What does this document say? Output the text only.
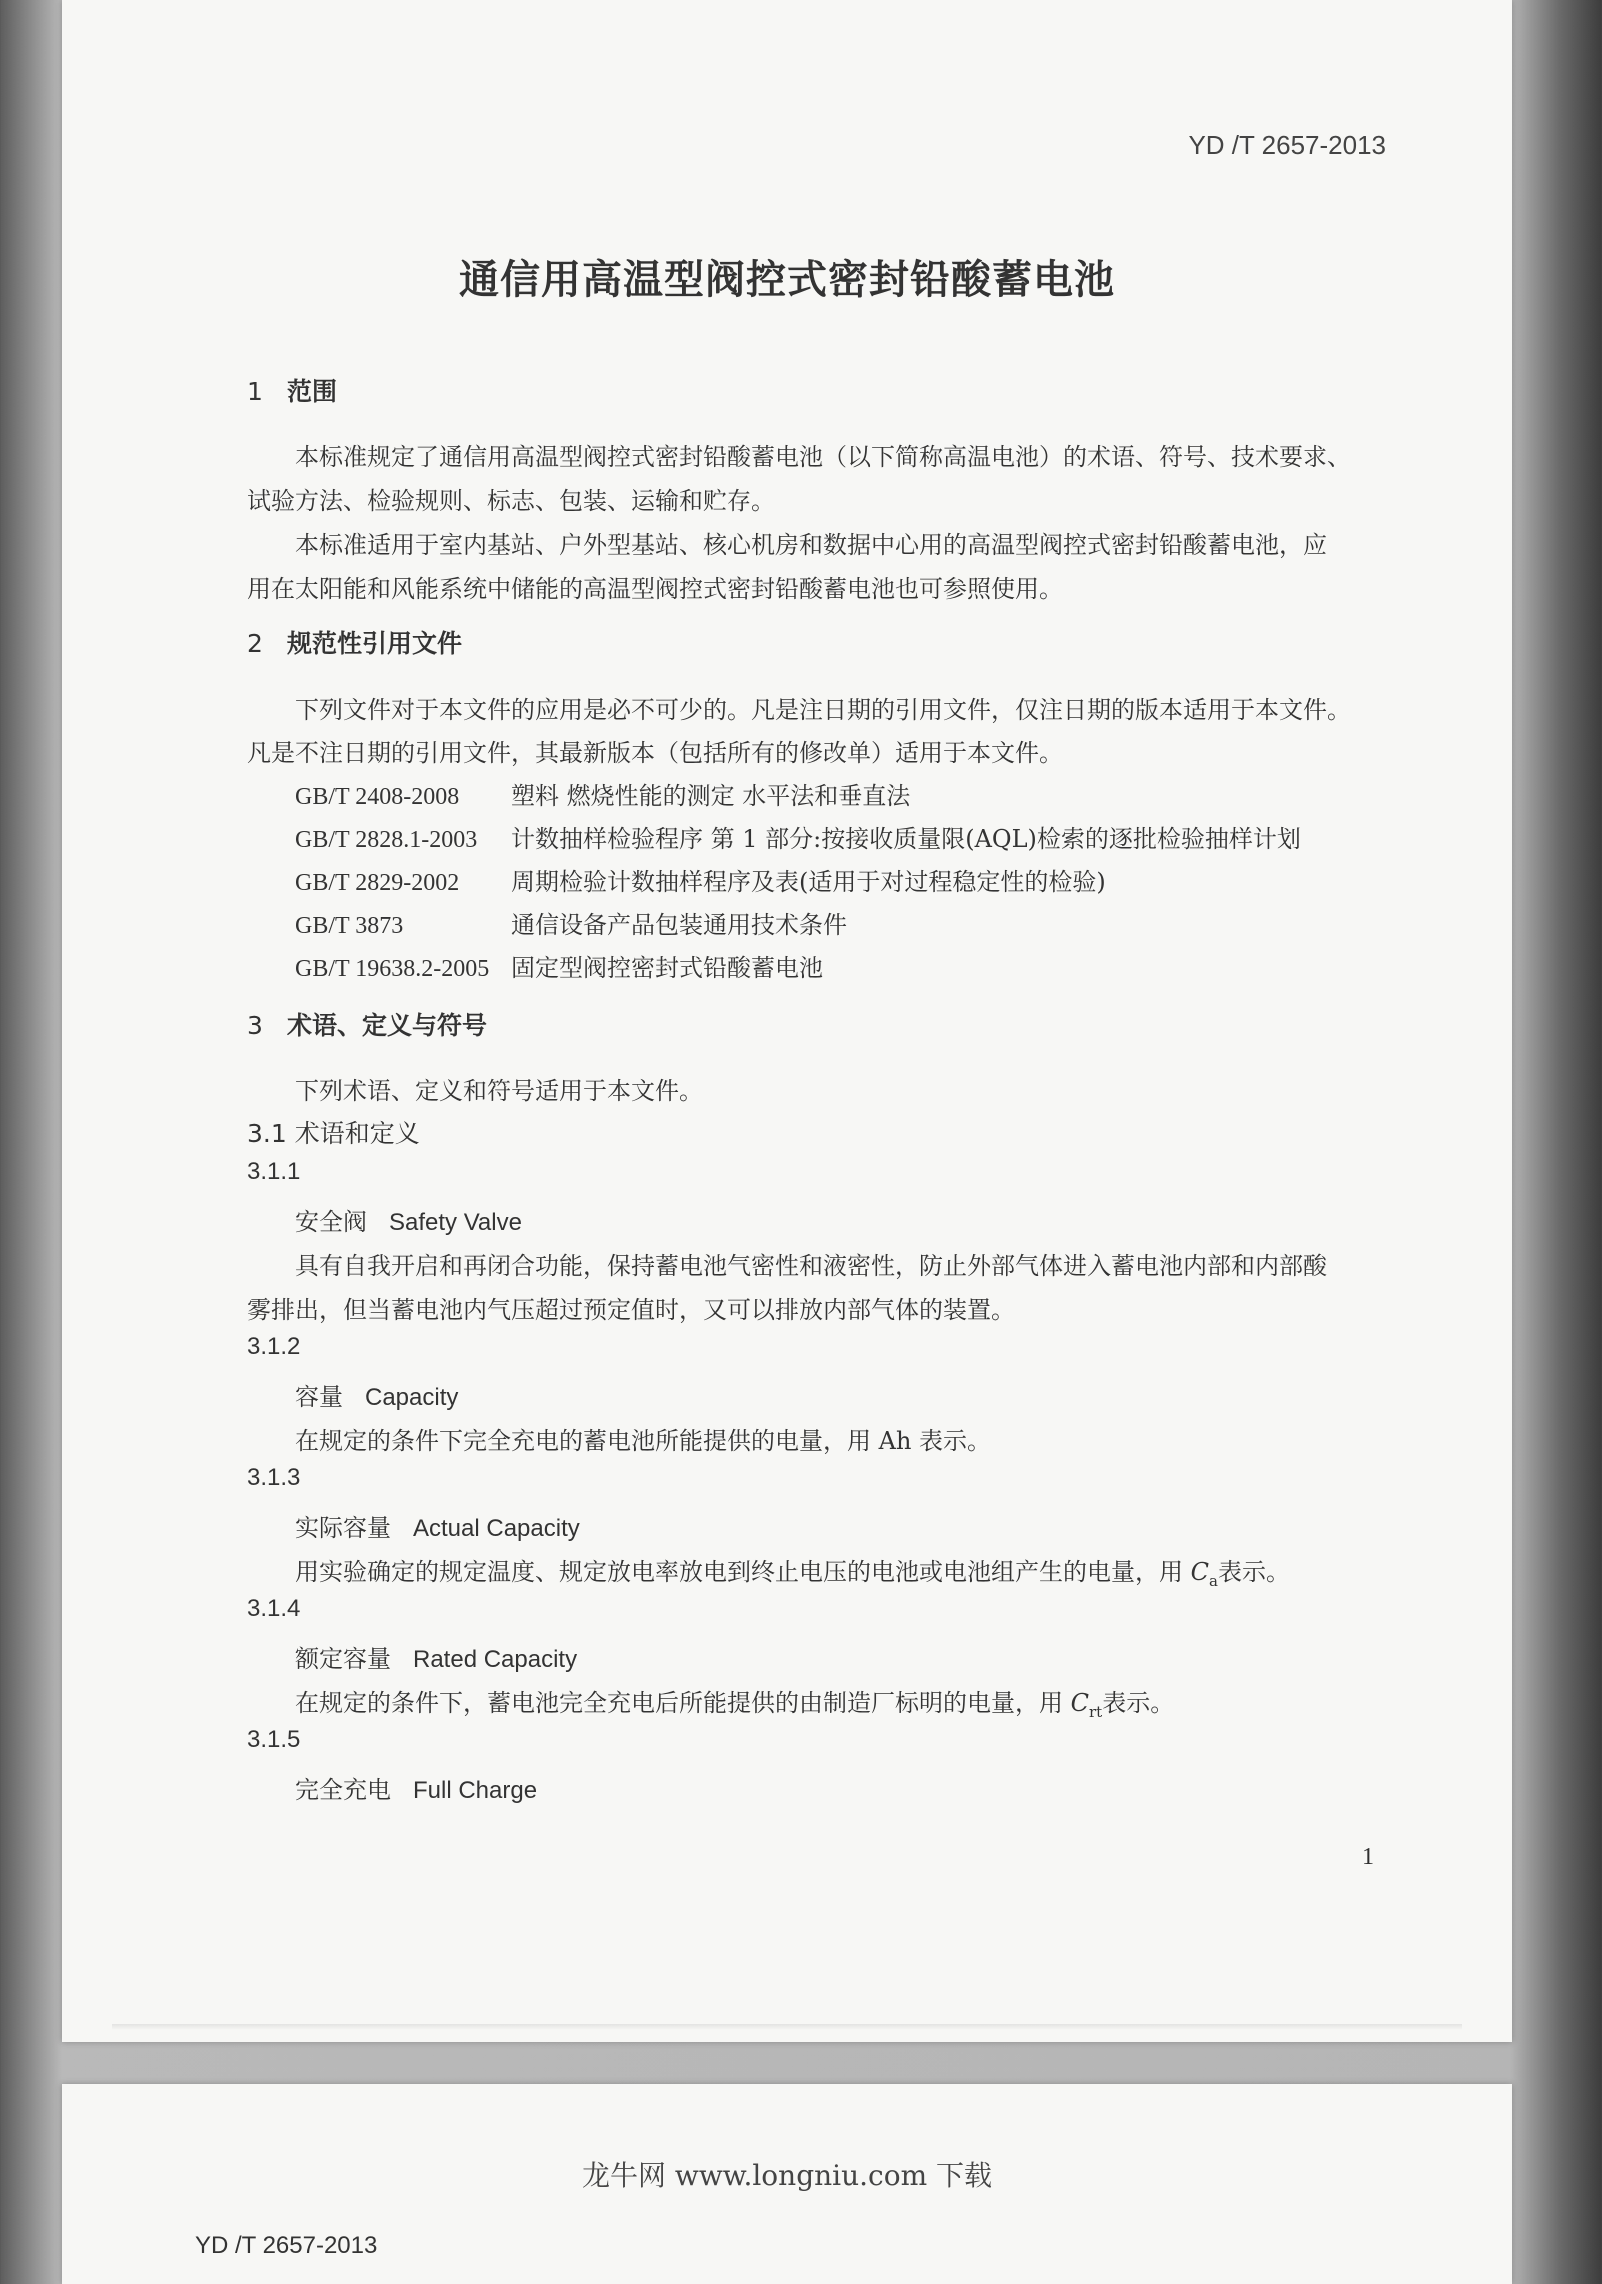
YD /T 2657-2013
通信用高温型阀控式密封铅酸蓄电池
1 范围
本标准规定了通信用高温型阀控式密封铅酸蓄电池（以下简称高温电池）的术语、符号、技术要求、
试验方法、检验规则、标志、包装、运输和贮存。
本标准适用于室内基站、户外型基站、核心机房和数据中心用的高温型阀控式密封铅酸蓄电池，应
用在太阳能和风能系统中储能的高温型阀控式密封铅酸蓄电池也可参照使用。
2 规范性引用文件
下列文件对于本文件的应用是必不可少的。凡是注日期的引用文件，仅注日期的版本适用于本文件。
凡是不注日期的引用文件，其最新版本（包括所有的修改单）适用于本文件。
GB/T 2408-2008 塑料 燃烧性能的测定 水平法和垂直法
GB/T 2828.1-2003 计数抽样检验程序 第 1 部分:按接收质量限(AQL)检索的逐批检验抽样计划
GB/T 2829-2002 周期检验计数抽样程序及表(适用于对过程稳定性的检验)
GB/T 3873	通信设备产品包装通用技术条件
GB/T 19638.2-2005 固定型阀控密封式铅酸蓄电池
3 术语、定义与符号
下列术语、定义和符号适用于本文件。
3.1 术语和定义
3.1.1
安全阀 Safety Valve
具有自我开启和再闭合功能，保持蓄电池气密性和液密性，防止外部气体进入蓄电池内部和内部酸
雾排出，但当蓄电池内气压超过预定值时，又可以排放内部气体的装置。
3.1.2
容量 Capacity
在规定的条件下完全充电的蓄电池所能提供的电量，用 Ah 表示。
3.1.3
实际容量 Actual Capacity
用实验确定的规定温度、规定放电率放电到终止电压的电池或电池组产生的电量，用 $C_a$表示。
3.1.4
额定容量 Rated Capacity
在规定的条件下，蓄电池完全充电后所能提供的由制造厂标明的电量，用 $C_{rt}$表示。
3.1.5
完全充电 Full Charge
1
龙牛网 www.longniu.com 下载
YD /T 2657-2013
